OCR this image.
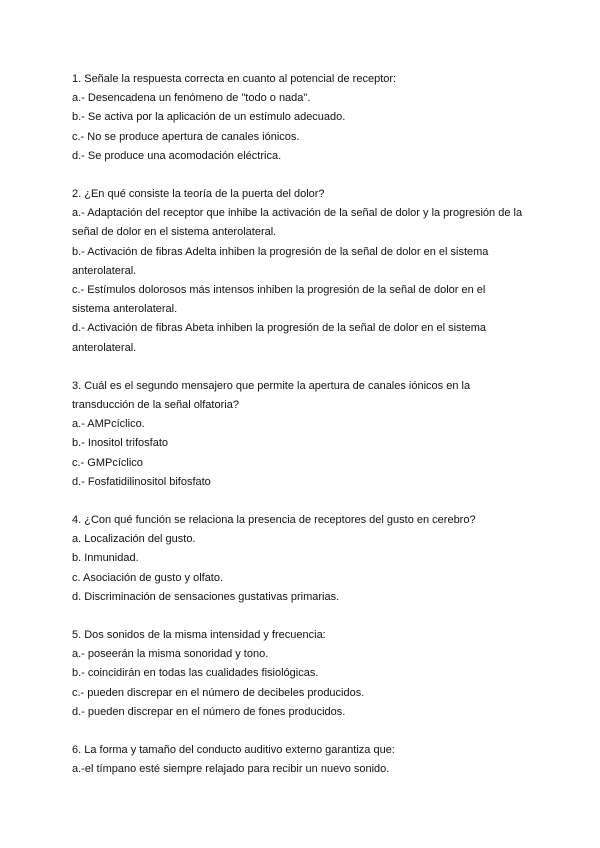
1. Señale la respuesta correcta en cuanto al potencial de receptor:
a.- Desencadena un fenómeno de "todo o nada".
b.- Se activa por la aplicación de un estímulo adecuado.
c.- No se produce apertura de canales iónicos.
d.- Se produce una acomodación eléctrica.
2. ¿En qué consiste la teoría de la puerta del dolor?
a.- Adaptación del receptor que inhibe la activación de la señal de dolor y la progresión de la
señal de dolor en el sistema anterolateral.
b.- Activación de fibras Adelta inhiben la progresión de la señal de dolor en el sistema
anterolateral.
c.- Estímulos dolorosos más intensos inhiben la progresión de la señal de dolor en el
sistema anterolateral.
d.- Activación de fibras Abeta inhiben la progresión de la señal de dolor en el sistema
anterolateral.
3. Cuál es el segundo mensajero que permite la apertura de canales iónicos en la
transducción de la señal olfatoria?
a.- AMPcíclico.
b.- Inositol trifosfato
c.- GMPcíclico
d.- Fosfatidilinositol bifosfato
4. ¿Con qué función se relaciona la presencia de receptores del gusto en cerebro?
a. Localización del gusto.
b. Inmunidad.
c. Asociación de gusto y olfato.
d. Discriminación de sensaciones gustativas primarias.
5. Dos sonidos de la misma intensidad y frecuencia:
a.- poseerán la misma sonoridad y tono.
b.- coincidirán en todas las cualidades fisiológicas.
c.- pueden discrepar en el número de decibeles producidos.
d.- pueden discrepar en el número de fones producidos.
6. La forma y tamaño del conducto auditivo externo garantiza que:
a.-el tímpano esté siempre relajado para recibir un nuevo sonido.
